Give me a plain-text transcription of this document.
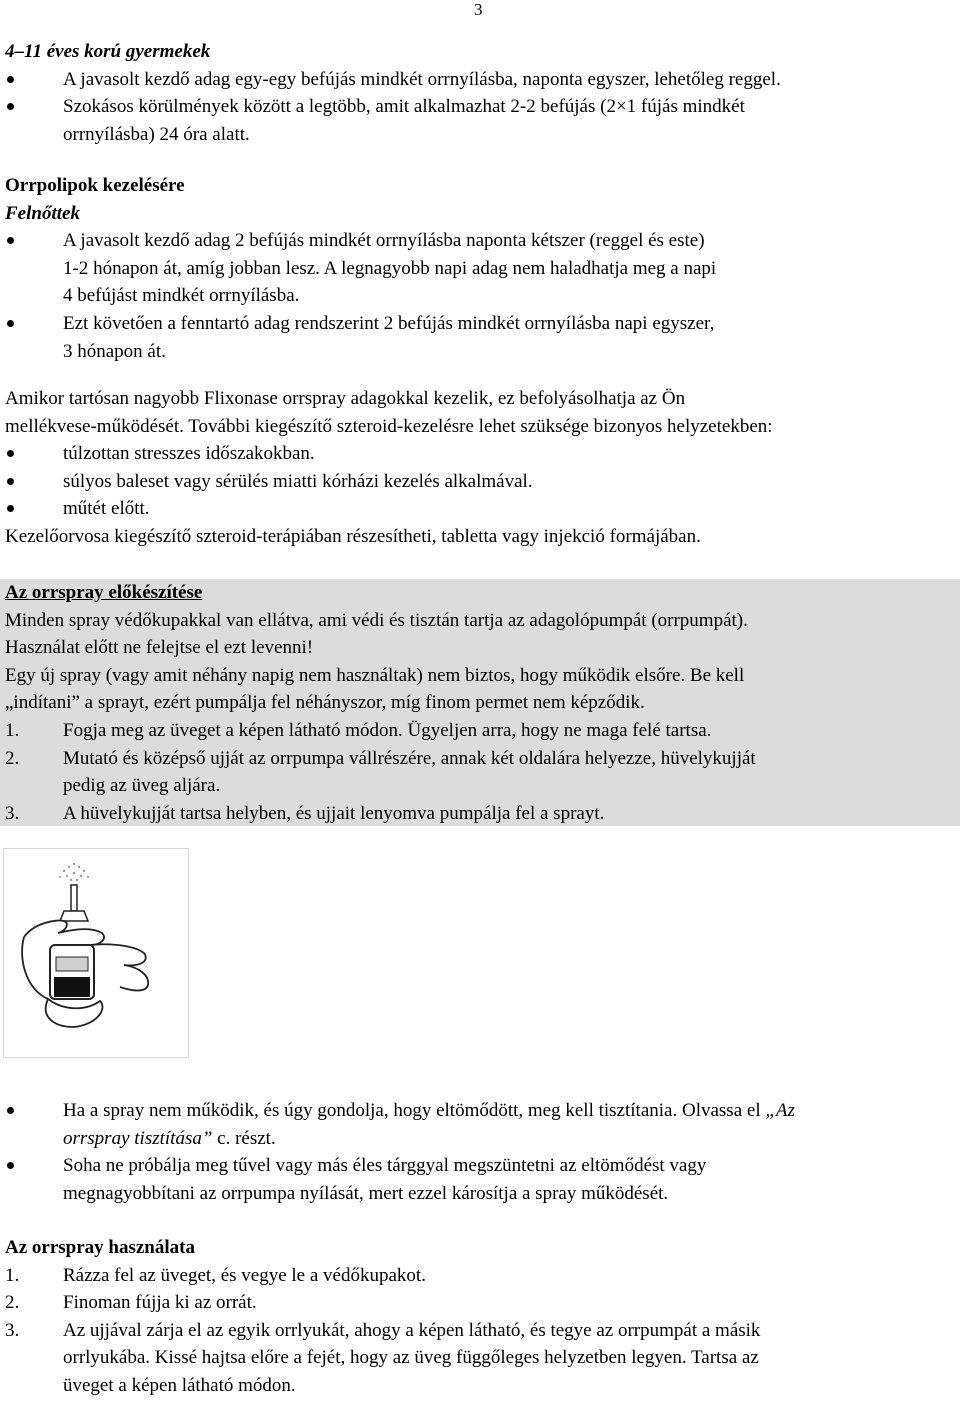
3
4–11 éves korú gyermekek
A javasolt kezdő adag egy-egy befújás mindkét orrnyílásba, naponta egyszer, lehetőleg reggel.
Szokásos körülmények között a legtöbb, amit alkalmazhat 2-2 befújás (2×1 fújás mindkét
orrnyílásba) 24 óra alatt.
Orrpolipok kezelésére
Felnőttek
A javasolt kezdő adag 2 befújás mindkét orrnyílásba naponta kétszer (reggel és este)
1-2 hónapon át, amíg jobban lesz. A legnagyobb napi adag nem haladhatja meg a napi
4 befújást mindkét orrnyílásba.
Ezt követően a fenntartó adag rendszerint 2 befújás mindkét orrnyílásba napi egyszer,
3 hónapon át.
Amikor tartósan nagyobb Flixonase orrspray adagokkal kezelik, ez befolyásolhatja az Ön
mellékvese-működését. További kiegészítő szteroid-kezelésre lehet szüksége bizonyos helyzetekben:
túlzottan stresszes időszakokban.
súlyos baleset vagy sérülés miatti kórházi kezelés alkalmával.
műtét előtt.
Kezelőorvosa kiegészítő szteroid-terápiában részesítheti, tabletta vagy injekció formájában.
Az orrspray előkészítése
Minden spray védőkupakkal van ellátva, ami védi és tisztán tartja az adagolópumpát (orrpumpát).
Használat előtt ne felejtse el ezt levenni!
Egy új spray (vagy amit néhány napig nem használtak) nem biztos, hogy működik elsőre. Be kell
„indítani” a sprayt, ezért pumpálja fel néhányszor, míg finom permet nem képződik.
1. Fogja meg az üveget a képen látható módon. Ügyeljen arra, hogy ne maga felé tartsa.
2. Mutató és középső ujját az orrpumpa vállrészére, annak két oldalára helyezze, hüvelykujját
pedig az üveg aljára.
3. A hüvelykujját tartsa helyben, és ujjait lenyomva pumpálja fel a sprayt.
Ha a spray nem működik, és úgy gondolja, hogy eltömődött, meg kell tisztítania. Olvassa el „Az
orrspray tisztítása” c. részt.
Soha ne próbálja meg tűvel vagy más éles tárggyal megszüntetni az eltömődést vagy
megnagyobbítani az orrpumpa nyílását, mert ezzel károsítja a spray működését.
Az orrspray használata
1. Rázza fel az üveget, és vegye le a védőkupakot.
2. Finoman fújja ki az orrát.
3. Az ujjával zárja el az egyik orrlyukát, ahogy a képen látható, és tegye az orrpumpát a másik
orrlyukába. Kissé hajtsa előre a fejét, hogy az üveg függőleges helyzetben legyen. Tartsa az
üveget a képen látható módon.
